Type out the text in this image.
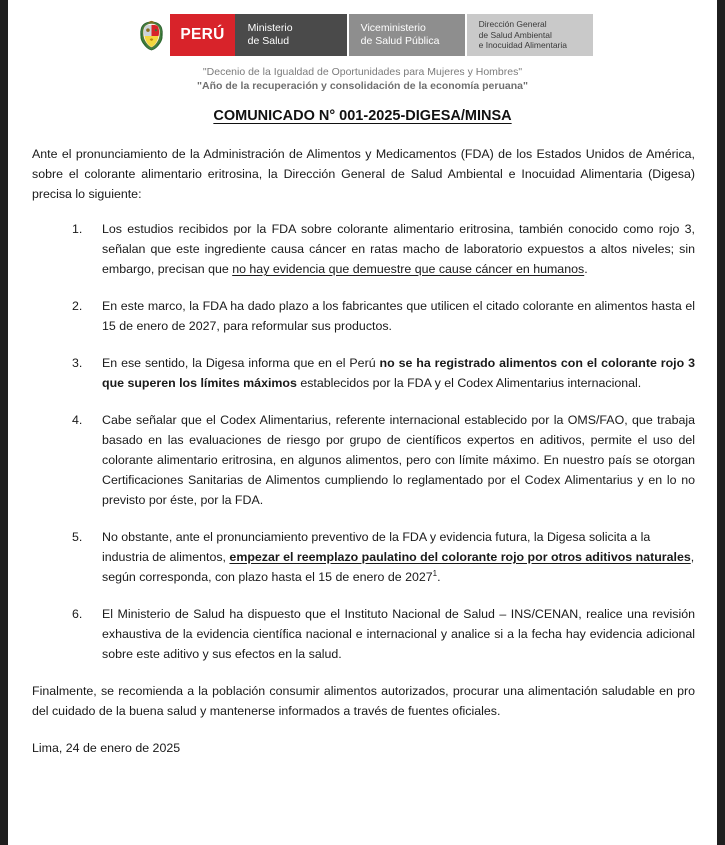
PERÚ Ministerio
de Salud
Viceministerio
de Salud Pública
Dirección General
de Salud Ambiental
e Inocuidad Alimentaria
"Decenio de la Igualdad de Oportunidades para Mujeres y Hombres"
"Año de la recuperación y consolidación de la economía peruana"
COMUNICADO N° 001-2025-DIGESA/MINSA

Ante el pronunciamiento de la Administración de Alimentos y Medicamentos (FDA) de los Estados Unidos de América, sobre el colorante alimentario eritrosina, la Dirección General de Salud Ambiental e Inocuidad Alimentaria (Digesa) precisa lo siguiente:

Los estudios recibidos por la FDA sobre colorante alimentario eritrosina, también conocido como rojo 3, señalan que este ingrediente causa cáncer en ratas macho de laboratorio expuestos a altos niveles; sin embargo, precisan que no hay evidencia que demuestre que cause cáncer en humanos.
En este marco, la FDA ha dado plazo a los fabricantes que utilicen el citado colorante en alimentos hasta el 15 de enero de 2027, para reformular sus productos.
En ese sentido, la Digesa informa que en el Perú no se ha registrado alimentos con el colorante rojo 3 que superen los límites máximos establecidos por la FDA y el Codex Alimentarius internacional.
Cabe señalar que el Codex Alimentarius, referente internacional establecido por la OMS/FAO, que trabaja basado en las evaluaciones de riesgo por grupo de científicos expertos en aditivos, permite el uso del colorante alimentario eritrosina, en algunos alimentos, pero con límite máximo. En nuestro país se otorgan Certificaciones Sanitarias de Alimentos cumpliendo lo reglamentado por el Codex Alimentarius y en lo no previsto por éste, por la FDA.
No obstante, ante el pronunciamiento preventivo de la FDA y evidencia futura, la Digesa solicita a la industria de alimentos, empezar el reemplazo paulatino del colorante rojo por otros aditivos naturales, según corresponda, con plazo hasta el 15 de enero de 2027$^1$.
El Ministerio de Salud ha dispuesto que el Instituto Nacional de Salud – INS/CENAN, realice una revisión exhaustiva de la evidencia científica nacional e internacional y analice si a la fecha hay evidencia adicional sobre este aditivo y sus efectos en la salud.

Finalmente, se recomienda a la población consumir alimentos autorizados, procurar una alimentación saludable en pro del cuidado de la buena salud y mantenerse informados a través de fuentes oficiales.

Lima, 24 de enero de 2025
